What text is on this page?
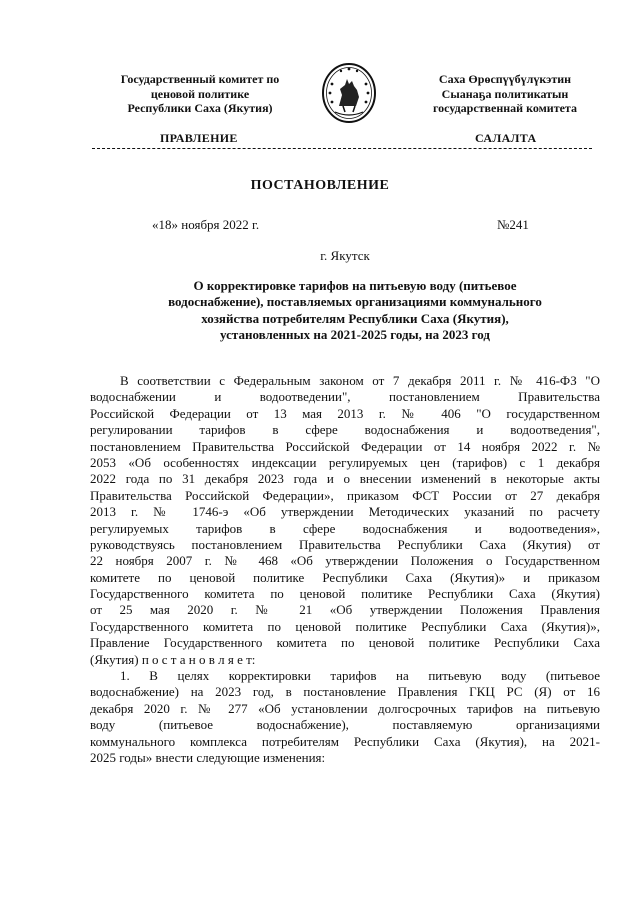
Государственный комитет по
ценовой политике
Республики Саха (Якутия)
Саха Өрөспүүбүлүкэтин
Сыанаҕа политикатын
государственнай комитета
ПРАВЛЕНИЕ	САЛАЛТА
ПОСТАНОВЛЕНИЕ
«18» ноября 2022 г.	№241
г. Якутск
О корректировке тарифов на питьевую воду (питьевое
водоснабжение), поставляемых организациями коммунального
хозяйства потребителям Республики Саха (Якутия),
установленных на 2021-2025 годы, на 2023 год
В соответствии с Федеральным законом от 7 декабря 2011 г. № 416-ФЗ "О
водоснабжении и водоотведении", постановлением Правительства
Российской Федерации от 13 мая 2013 г. № 406 "О государственном
регулировании тарифов в сфере водоснабжения и водоотведения",
постановлением Правительства Российской Федерации от 14 ноября 2022 г. №
2053 «Об особенностях индексации регулируемых цен (тарифов) с 1 декабря
2022 года по 31 декабря 2023 года и о внесении изменений в некоторые акты
Правительства Российской Федерации», приказом ФСТ России от 27 декабря
2013 г. № 1746-э «Об утверждении Методических указаний по расчету
регулируемых тарифов в сфере водоснабжения и водоотведения»,
руководствуясь постановлением Правительства Республики Саха (Якутия) от
22 ноября 2007 г. № 468 «Об утверждении Положения о Государственном
комитете по ценовой политике Республики Саха (Якутия)» и приказом
Государственного комитета по ценовой политике Республики Саха (Якутия)
от 25 мая 2020 г. № 21 «Об утверждении Положения Правления
Государственного комитета по ценовой политике Республики Саха (Якутия)»,
Правление Государственного комитета по ценовой политике Республики Саха
(Якутия) п о с т а н о в л я е т:
1. В целях корректировки тарифов на питьевую воду (питьевое
водоснабжение) на 2023 год, в постановление Правления ГКЦ РС (Я) от 16
декабря 2020 г. № 277 «Об установлении долгосрочных тарифов на питьевую
воду (питьевое водоснабжение), поставляемую организациями
коммунального комплекса потребителям Республики Саха (Якутия), на 2021-
2025 годы» внести следующие изменения:
